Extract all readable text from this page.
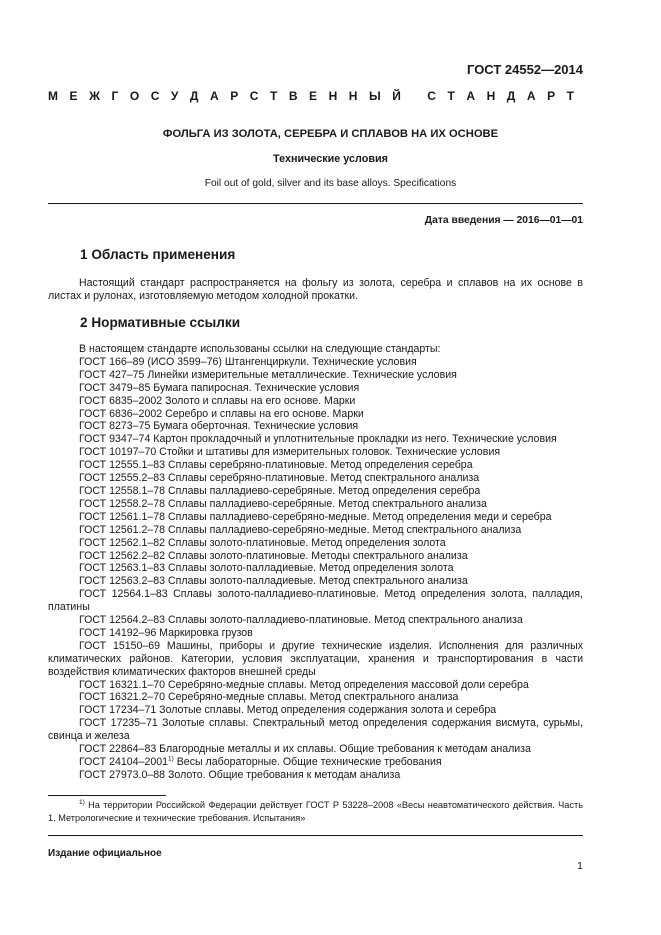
ГОСТ 24552—2014
М Е Ж Г О С У Д А Р С Т В Е Н Н Ы Й
С Т А Н Д А Р Т
ФОЛЬГА ИЗ ЗОЛОТА, СЕРЕБРА И СПЛАВОВ НА ИХ ОСНОВЕ
Технические условия
Foil out of gold, silver and its base alloys. Specifications
Дата введения — 2016—01—01
1 Область применения
Настоящий стандарт распространяется на фольгу из золота, серебра и сплавов на их основе в листах и рулонах, изготовляемую методом холодной прокатки.
2 Нормативные ссылки
В настоящем стандарте использованы ссылки на следующие стандарты:
ГОСТ 166–89 (ИСО 3599–76) Штангенциркули. Технические условия
ГОСТ 427–75 Линейки измерительные металлические. Технические условия
ГОСТ 3479–85 Бумага папиросная. Технические условия
ГОСТ 6835–2002 Золото и сплавы на его основе. Марки
ГОСТ 6836–2002 Серебро и сплавы на его основе. Марки
ГОСТ 8273–75 Бумага оберточная. Технические условия
ГОСТ 9347–74 Картон прокладочный и уплотнительные прокладки из него. Технические условия
ГОСТ 10197–70 Стойки и штативы для измерительных головок. Технические условия
ГОСТ 12555.1–83 Сплавы серебряно-платиновые. Метод определения серебра
ГОСТ 12555.2–83 Сплавы серебряно-платиновые. Метод спектрального анализа
ГОСТ 12558.1–78 Сплавы палладиево-серебряные. Метод определения серебра
ГОСТ 12558.2–78 Сплавы палладиево-серебряные. Метод спектрального анализа
ГОСТ 12561.1–78 Сплавы палладиево-серебряно-медные. Метод определения меди и серебра
ГОСТ 12561.2–78 Сплавы палладиево-серебряно-медные. Метод спектрального анализа
ГОСТ 12562.1–82 Сплавы золото-платиновые. Метод определения золота
ГОСТ 12562.2–82 Сплавы золото-платиновые. Методы спектрального анализа
ГОСТ 12563.1–83 Сплавы золото-палладиевые. Метод определения золота
ГОСТ 12563.2–83 Сплавы золото-палладиевые. Метод спектрального анализа
ГОСТ 12564.1–83 Сплавы золото-палладиево-платиновые. Метод определения золота, палладия, платины
ГОСТ 12564.2–83 Сплавы золото-палладиево-платиновые. Метод спектрального анализа
ГОСТ 14192–96 Маркировка грузов
ГОСТ 15150–69 Машины, приборы и другие технические изделия. Исполнения для различных климатических районов. Категории, условия эксплуатации, хранения и транспортирования в части воздействия климатических факторов внешней среды
ГОСТ 16321.1–70 Серебряно-медные сплавы. Метод определения массовой доли серебра
ГОСТ 16321.2–70 Серебряно-медные сплавы. Метод спектрального анализа
ГОСТ 17234–71 Золотые сплавы. Метод определения содержания золота и серебра
ГОСТ 17235–71 Золотые сплавы. Спектральный метод определения содержания висмута, сурьмы, свинца и железа
ГОСТ 22864–83 Благородные металлы и их сплавы. Общие требования к методам анализа
ГОСТ 24104–2001$^{1)}$ Весы лабораторные. Общие технические требования
ГОСТ 27973.0–88 Золото. Общие требования к методам анализа
$^{1)}$ На территории Российской Федерации действует ГОСТ Р 53228–2008 «Весы неавтоматического действия. Часть 1. Метрологические и технические требования. Испытания»
Издание официальное
1
